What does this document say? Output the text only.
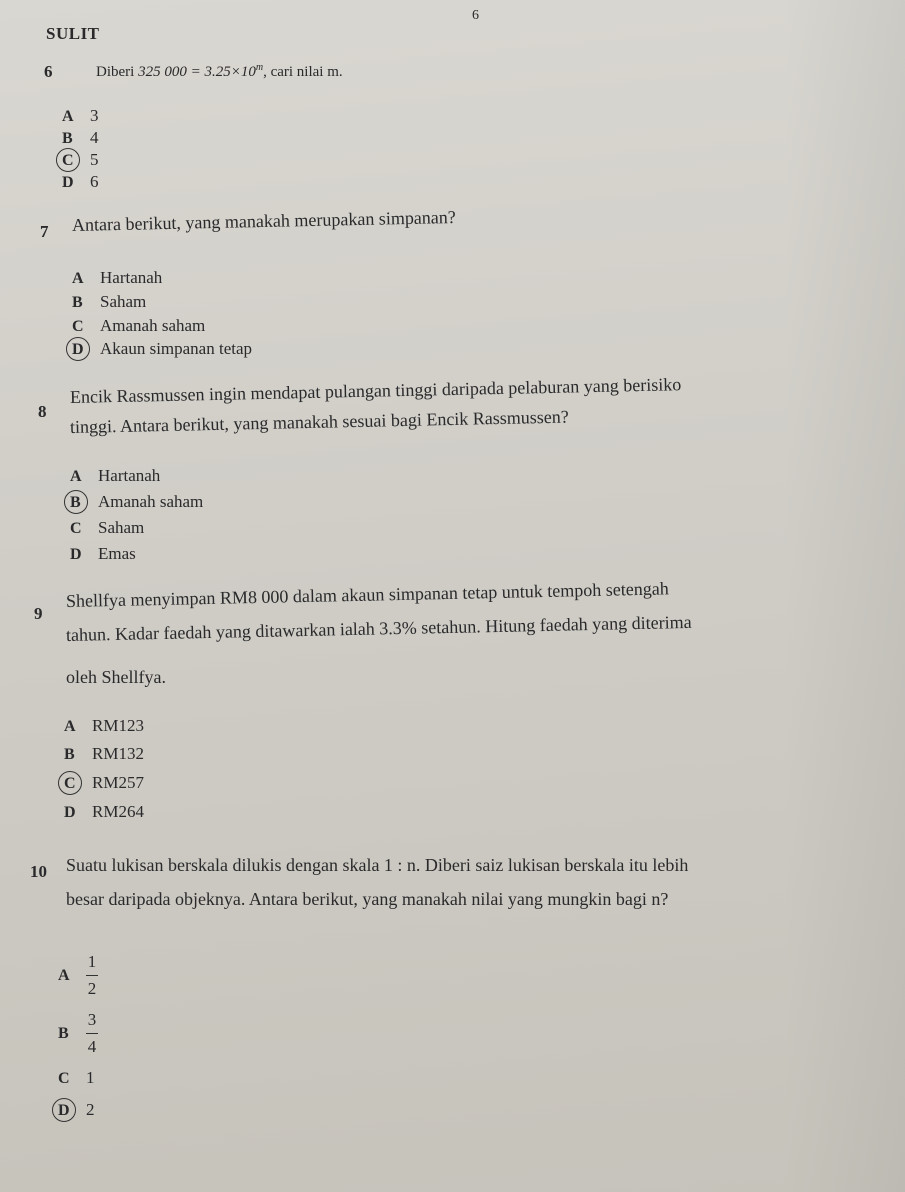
SULIT
6
6	Diberi 325 $000 = 3.25\times 10^m$, cari nilai m.
A 3
B 4
C 5
D 6
7 Antara berikut, yang manakah merupakan simpanan?
A Hartanah
B Saham
C Amanah saham
D Akaun simpanan tetap
8
Encik Rassmussen ingin mendapat pulangan tinggi daripada pelaburan yang berisiko
tinggi. Antara berikut, yang manakah sesuai bagi Encik Rassmussen?
A Hartanah
B Amanah saham
C Saham
D Emas
9
Shellfya menyimpan RM8 000 dalam akaun simpanan tetap untuk tempoh setengah
tahun. Kadar faedah yang ditawarkan ialah 3.3% setahun. Hitung faedah yang diterima
oleh Shellfya.
A RM123
B RM132
C RM257
D RM264
10 Suatu lukisan berskala dilukis dengan skala 1 : n. Diberi saiz lukisan berskala itu lebih
besar daripada objeknya. Antara berikut, yang manakah nilai yang mungkin bagi n?
A $\frac{1}{2}$
B	$\frac{3}{4}$
C 1
D 2
